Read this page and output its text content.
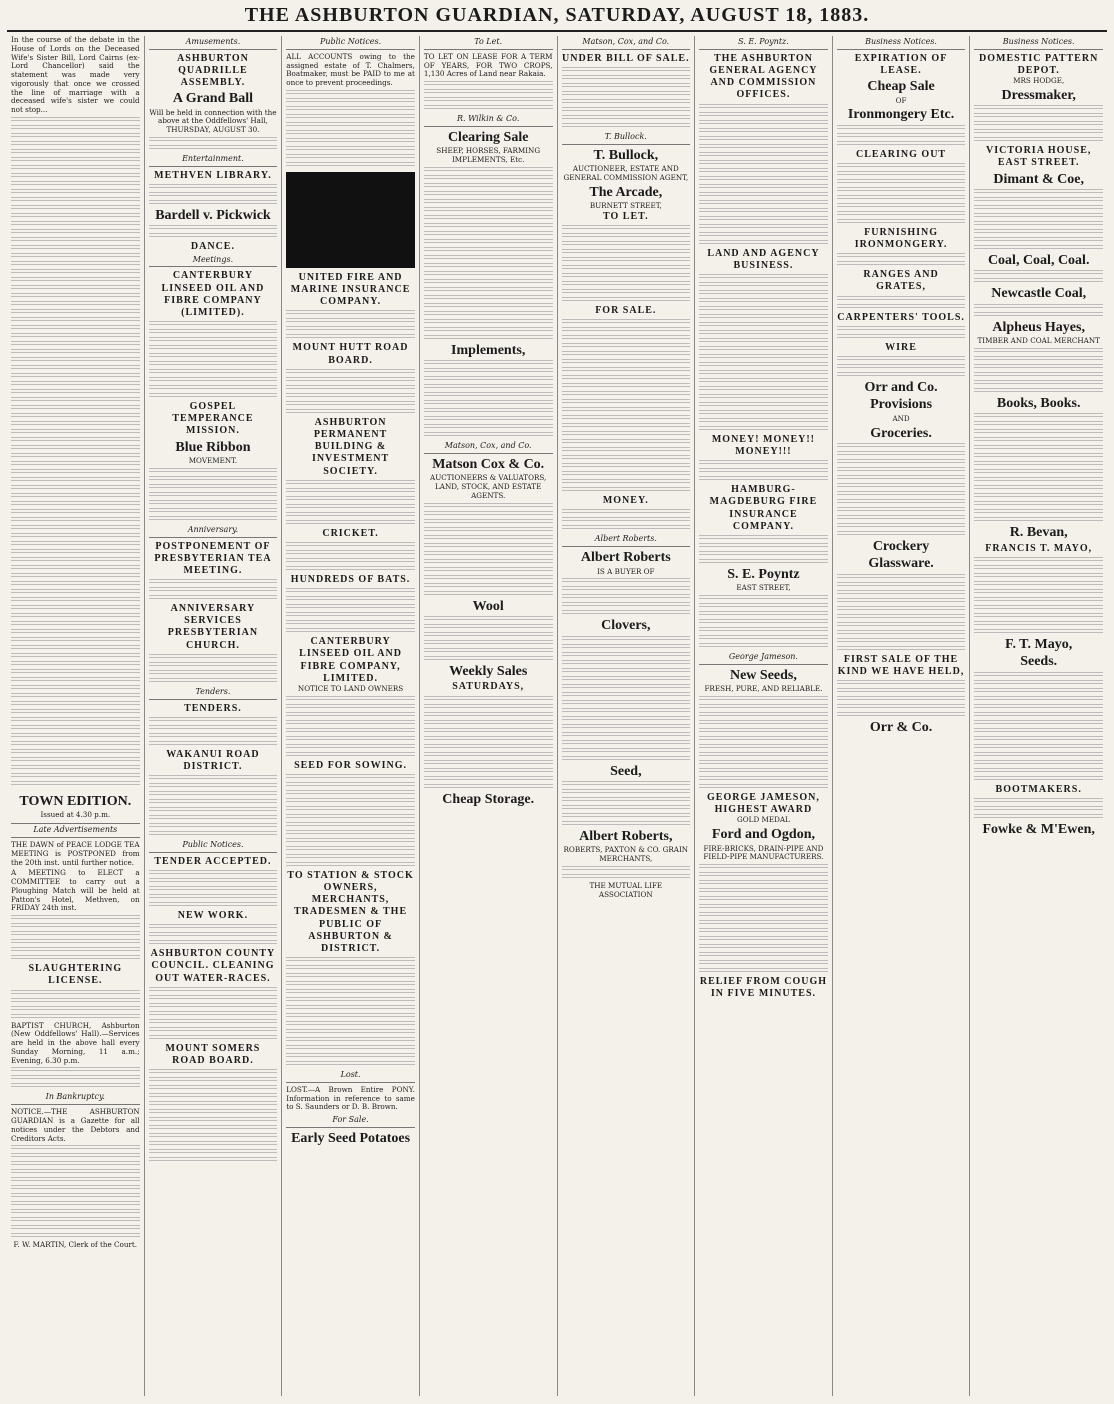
THE ASHBURTON GUARDIAN, SATURDAY, AUGUST 18, 1883.

In the course of the debate in the House of Lords on the Deceased Wife's Sister Bill, Lord Cairns (ex-Lord Chancellor) said the statement was made very vigorously that once we crossed the line of marriage with a deceased wife's sister we could not stop...

TOWN EDITION.
Issued at 4.30 p.m.
Late Advertisements

THE DAWN of PEACE LODGE TEA MEETING is POSTPONED from the 20th inst. until further notice.

A MEETING to ELECT a COMMITTEE to carry out a Ploughing Match will be held at Patton's Hotel, Methven, on FRIDAY 24th inst.

SLAUGHTERING LICENSE.

BAPTIST CHURCH, Ashburton (New Oddfellows' Hall).—Services are held in the above hall every Sunday Morning, 11 a.m.; Evening, 6.30 p.m.

In Bankruptcy.

NOTICE.—THE ASHBURTON GUARDIAN is a Gazette for all notices under the Debtors and Creditors Acts.

F. W. MARTIN, Clerk of the Court.
Amusements.
ASHBURTON QUADRILLE ASSEMBLY.
A Grand Ball

Will be held in connection with the above at the Oddfellows' Hall, THURSDAY, AUGUST 30.

Entertainment.
METHVEN LIBRARY.
Bardell v. Pickwick
DANCE.
Meetings.
CANTERBURY LINSEED OIL AND FIBRE COMPANY (LIMITED).
GOSPEL TEMPERANCE MISSION.
Blue Ribbon
MOVEMENT.
Anniversary.
POSTPONEMENT OF PRESBYTERIAN TEA MEETING.
ANNIVERSARY SERVICES PRESBYTERIAN CHURCH.
Tenders.
TENDERS.
WAKANUI ROAD DISTRICT.
Public Notices.
TENDER ACCEPTED.
NEW WORK.
ASHBURTON COUNTY COUNCIL. CLEANING OUT WATER-RACES.
MOUNT SOMERS ROAD BOARD.
Public Notices.

ALL ACCOUNTS owing to the assigned estate of T. Chalmers, Boatmaker, must be PAID to me at once to prevent proceedings.

UNITED FIRE AND MARINE INSURANCE COMPANY.
MOUNT HUTT ROAD BOARD.
ASHBURTON PERMANENT BUILDING & INVESTMENT SOCIETY.
CRICKET.
HUNDREDS OF BATS.
CANTERBURY LINSEED OIL AND FIBRE COMPANY, LIMITED.
NOTICE TO LAND OWNERS
SEED FOR SOWING.
TO STATION & STOCK OWNERS, MERCHANTS, TRADESMEN & THE PUBLIC OF ASHBURTON & DISTRICT.
Lost.

LOST.—A Brown Entire PONY. Information in reference to same to S. Saunders or D. B. Brown.

For Sale.
Early Seed Potatoes
To Let.

TO LET ON LEASE FOR A TERM OF YEARS, FOR TWO CROPS, 1,130 Acres of Land near Rakaia.

R. Wilkin & Co.
Clearing Sale
SHEEP, HORSES, FARMING IMPLEMENTS, Etc.
Implements,
Matson, Cox, and Co.
Matson Cox & Co.
AUCTIONEERS & VALUATORS, LAND, STOCK, AND ESTATE AGENTS.
Wool
Weekly Sales
SATURDAYS,
Cheap Storage.
Matson, Cox, and Co.
UNDER BILL OF SALE.
T. Bullock.
T. Bullock,
AUCTIONEER, ESTATE AND GENERAL COMMISSION AGENT,
The Arcade,
BURNETT STREET,
TO LET.
FOR SALE.
MONEY.
Albert Roberts.
Albert Roberts
IS A BUYER OF
Clovers,
Seed,
Albert Roberts,
ROBERTS, PAXTON & CO. GRAIN MERCHANTS,
THE MUTUAL LIFE ASSOCIATION
S. E. Poyntz.
THE ASHBURTON GENERAL AGENCY AND COMMISSION OFFICES.
LAND AND AGENCY BUSINESS.
MONEY! MONEY!! MONEY!!!
HAMBURG-MAGDEBURG FIRE INSURANCE COMPANY.
S. E. Poyntz
EAST STREET,
George Jameson.
New Seeds,
FRESH, PURE, AND RELIABLE.
GEORGE JAMESON,
HIGHEST AWARD
GOLD MEDAL
Ford and Ogdon,
FIRE-BRICKS, DRAIN-PIPE AND FIELD-PIPE MANUFACTURERS.
RELIEF FROM COUGH IN FIVE MINUTES.
Business Notices.
EXPIRATION OF LEASE.
Cheap Sale
OF
Ironmongery Etc.
CLEARING OUT
FURNISHING IRONMONGERY.
RANGES AND GRATES,
CARPENTERS' TOOLS.
WIRE
Orr and Co.
Provisions
AND
Groceries.
Crockery
Glassware.
FIRST SALE OF THE KIND WE HAVE HELD,
Orr & Co.
Business Notices.
DOMESTIC PATTERN DEPOT.
MRS HODGE,
Dressmaker,
VICTORIA HOUSE, EAST STREET.
Dimant & Coe,
Coal, Coal, Coal.
Newcastle Coal,
Alpheus Hayes,
TIMBER AND COAL MERCHANT
Books, Books.
R. Bevan,
FRANCIS T. MAYO,
F. T. Mayo,
Seeds.
BOOTMAKERS.
Fowke & M'Ewen,
